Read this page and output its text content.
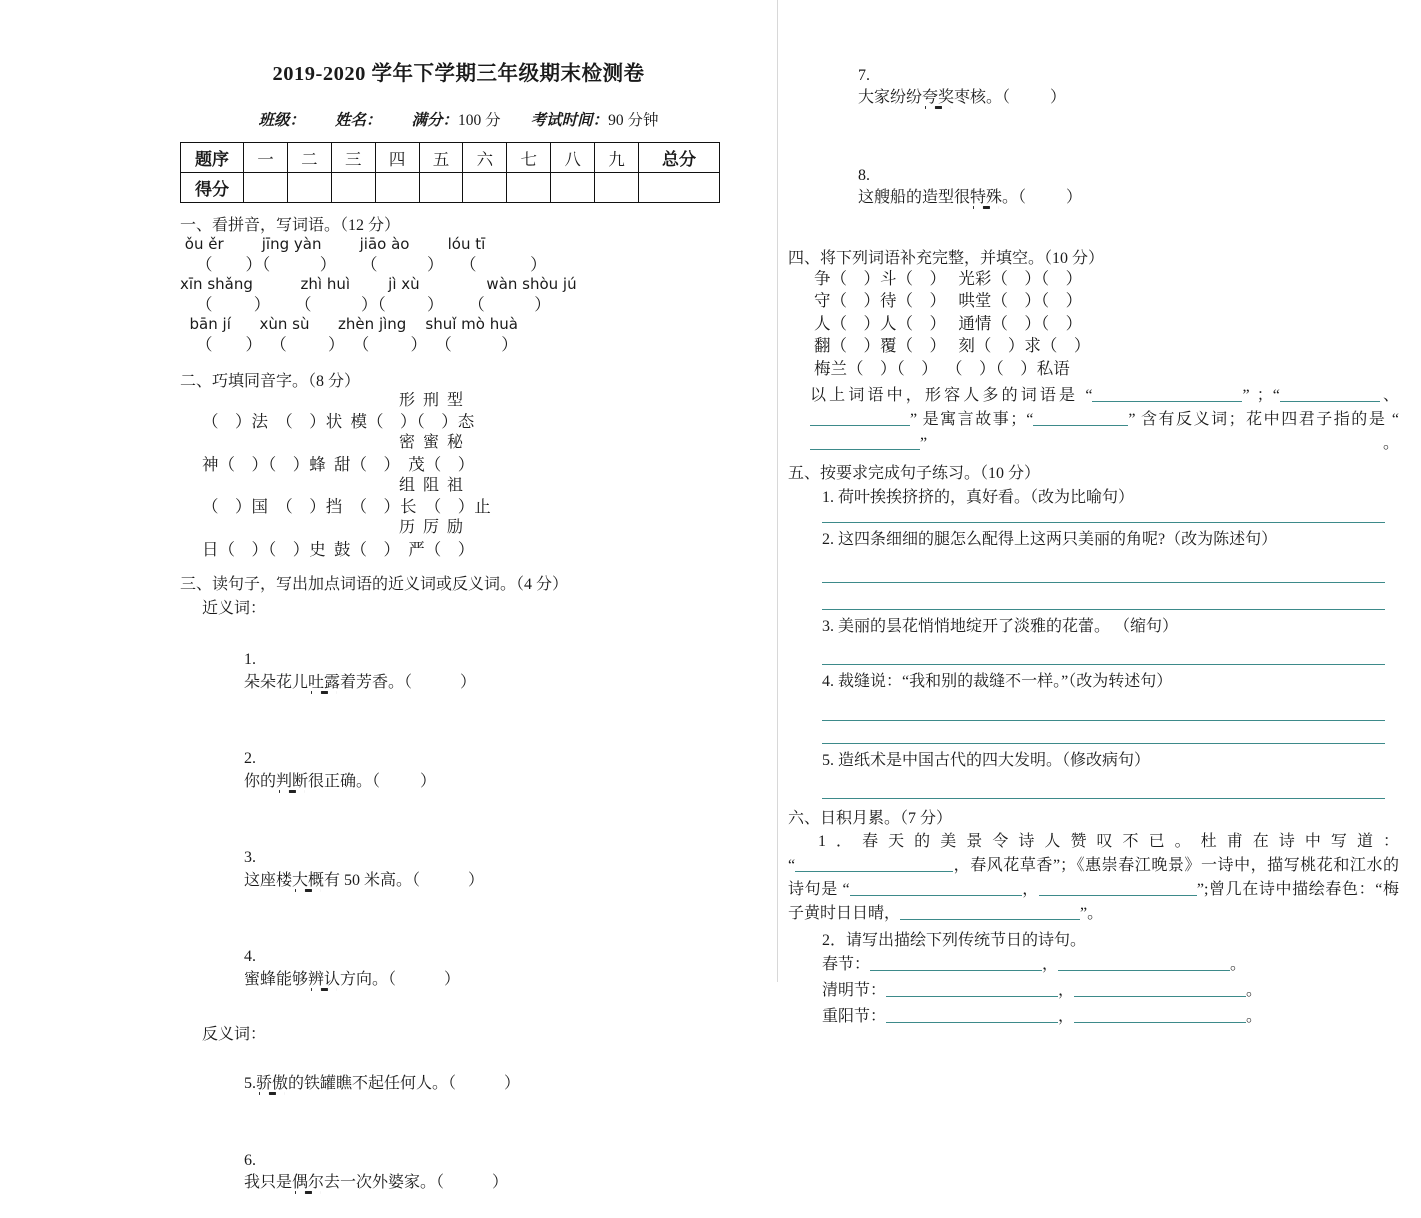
2019-2020 学年下学期三年级期末检测卷
班级： 姓名： 满分：100 分 考试时间：90 分钟
题序	一	二	三	四	五	六	七	八	九	总分
得分										
一、看拼音，写词语。（12 分）
ǒu ěr        jīng yàn        jiāo ào        lóu tī
（        ）（            ）      （            ）    （             ）
xīn shǎng          zhì huì        jì xù              wàn shòu jú
（          ）      （            ）（          ）      （            ）
bān jí      xùn sù      zhèn jìng    shuǐ mò huà
（        ）  （          ）  （          ）  （            ）
二、巧填同音字。（8 分）
形  刑  型
（    ）法  （    ）状  模（    ）（    ）态
密  蜜  秘
神（    ）（    ）蜂  甜（    ）  茂（    ）
组  阻  祖
（    ）国  （    ）挡  （    ）长  （    ）止
历  厉  励
日（    ）（    ）史  鼓（    ）  严（    ）
三、读句子，写出加点词语的近义词或反义词。（4 分）
近义词：

1.
朵朵花儿吐露着芳香。（            ）

2.
你的判断很正确。（          ）

3.
这座楼大概有 50 米高。（            ）

4.
蜜蜂能够辨认方向。（            ）

反义词：

5.骄傲的铁罐瞧不起任何人。（            ）

6.
我只是偶尔去一次外婆家。（            ）

7.
大家纷纷夸奖枣核。（          ）

8.
这艘船的造型很特殊。（          ）

四、将下列词语补充完整，并填空。（10 分）
争（    ）斗（    ）   光彩（    ）（    ）
守（    ）待（    ）   哄堂（    ）（    ）
人（    ）人（    ）   通情（    ）（    ）
翻（    ）覆（    ）   刻（    ）求（    ）
梅兰（    ）（    ）  （    ）（    ）私语
以上词语中，形容人多的词语是 “	” ；“	、” 是寓言故事；“	” 含有反义词；花中四君子指的是 “”。
五、按要求完成句子练习。（10 分）
1. 荷叶挨挨挤挤的，真好看。（改为比喻句）
2. 这四条细细的腿怎么配得上这两只美丽的角呢?（改为陈述句）
3. 美丽的昙花悄悄地绽开了淡雅的花蕾。 （缩句）
4. 裁缝说：“我和别的裁缝不一样。”（改为转述句）
5. 造纸术是中国古代的四大发明。（修改病句）
六、日积月累。（7 分）
1．春天的美景令诗人赞叹不已。杜甫在诗中写道：
“	，春风花草香”；《惠崇春江晚景》一诗中，描写桃花和江水的诗句是 “	，	”;曾几在诗中描绘春色：“梅子黄时日日晴，	”。
2．请写出描绘下列传统节日的诗句。
春节：	，	。
清明节：	，	。
重阳节：	，	。
